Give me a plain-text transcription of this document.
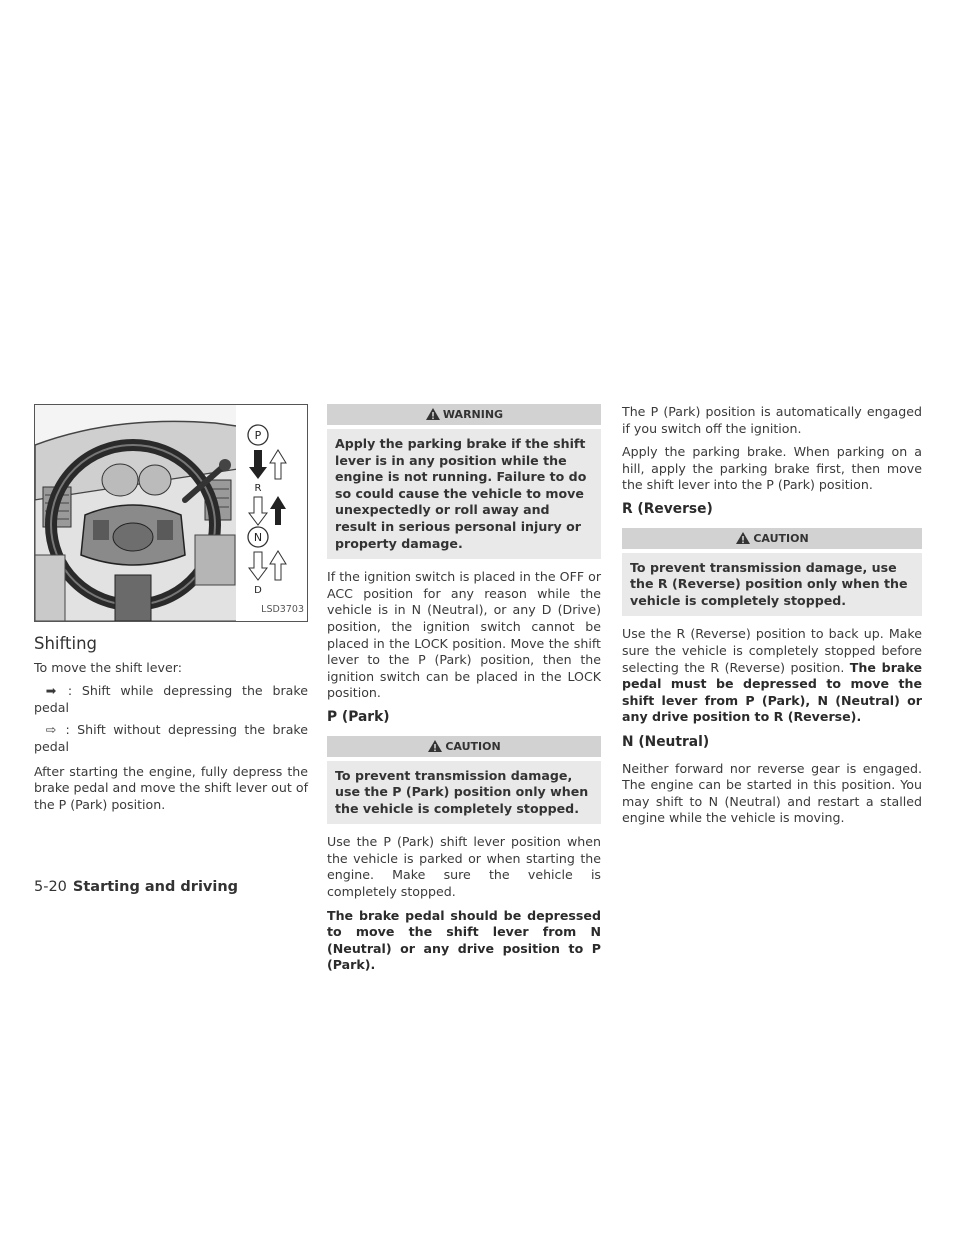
P
R
N
D
LSD3703
Shifting

To move the shift lever:

➡ : Shift while depressing the brake pedal
⇨ : Shift without depressing the brake pedal

After starting the engine, fully depress the brake pedal and move the shift lever out of the P (Park) position.

WARNING
Apply the parking brake if the shift lever is in any position while the engine is not running. Failure to do so could cause the vehicle to move unexpectedly or roll away and result in serious personal injury or property damage.

If the ignition switch is placed in the OFF or ACC position for any reason while the vehicle is in N (Neutral), or any D (Drive) position, the ignition switch cannot be placed in the LOCK position. Move the shift lever to the P (Park) position, then the ignition switch can be placed in the LOCK position.

P (Park)
CAUTION
To prevent transmission damage, use the P (Park) position only when the vehicle is completely stopped.

Use the P (Park) shift lever position when the vehicle is parked or when starting the engine. Make sure the vehicle is completely stopped.

The brake pedal should be depressed to move the shift lever from N (Neutral) or any drive position to P (Park).

The P (Park) position is automatically engaged if you switch off the ignition.

Apply the parking brake. When parking on a hill, apply the parking brake first, then move the shift lever into the P (Park) position.

R (Reverse)
CAUTION
To prevent transmission damage, use the R (Reverse) position only when the vehicle is completely stopped.

Use the R (Reverse) position to back up. Make sure the vehicle is completely stopped before selecting the R (Reverse) position. The brake pedal must be depressed to move the shift lever from P (Park), N (Neutral) or any drive position to R (Reverse).

N (Neutral)

Neither forward nor reverse gear is engaged. The engine can be started in this position. You may shift to N (Neutral) and restart a stalled engine while the vehicle is moving.

5-20 Starting and driving
